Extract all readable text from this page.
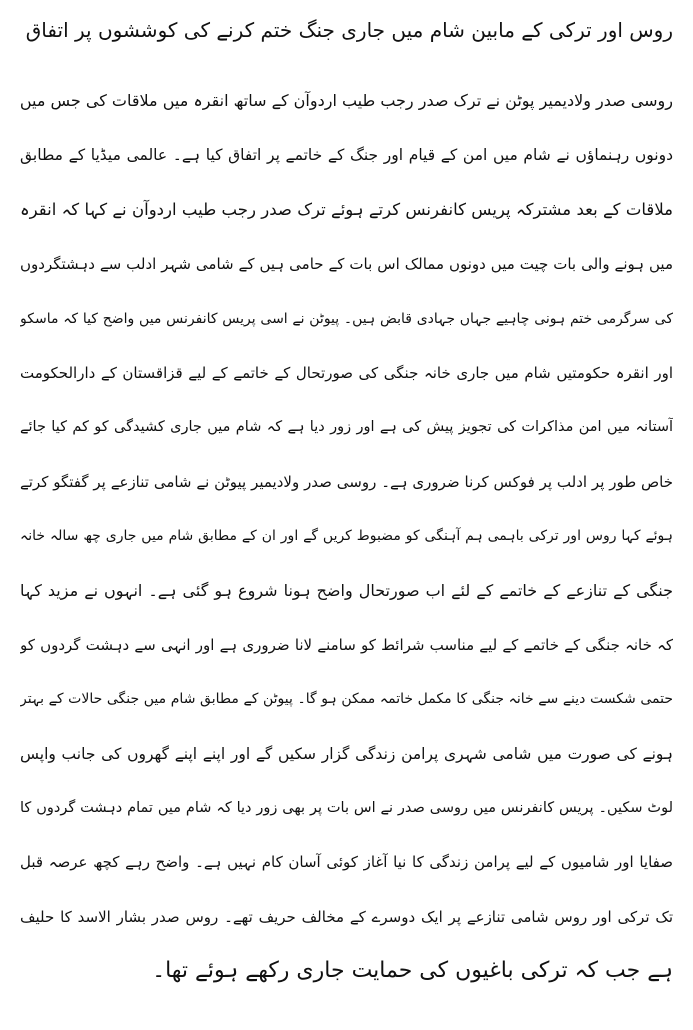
روس اور ترکی کے مابین شام میں جاری جنگ ختم کرنے کی کوششوں پر اتفاق
روسی صدر ولادیمیر پوٹن نے ترک صدر رجب طیب اردوآن کے ساتھ انقرہ میں ملاقات کی جس میں
دونوں رہنماؤں نے شام میں امن کے قیام اور جنگ کے خاتمے پر اتفاق کیا ہے۔ عالمی میڈیا کے مطابق
ملاقات کے بعد مشترکہ پریس کانفرنس کرتے ہوئے ترک صدر رجب طیب اردوآن نے کہا کہ انقرہ
میں ہونے والی بات چیت میں دونوں ممالک اس بات کے حامی ہیں کے شامی شہر ادلب سے دہشتگردوں
کی سرگرمی ختم ہونی چاہیے جہاں جہادی قابض ہیں۔ پیوٹن نے اسی پریس کانفرنس میں واضح کیا کہ ماسکو
اور انقرہ حکومتیں شام میں جاری خانہ جنگی کی صورتحال کے خاتمے کے لیے قزاقستان کے دارالحکومت
آستانہ میں امن مذاکرات کی تجویز پیش کی ہے اور زور دیا ہے کہ شام میں جاری کشیدگی کو کم کیا جائے
خاص طور پر ادلب پر فوکس کرنا ضروری ہے۔ روسی صدر ولادیمیر پیوٹن نے شامی تنازعے پر گفتگو کرتے
ہوئے کہا روس اور ترکی باہمی ہم آہنگی کو مضبوط کریں گے اور ان کے مطابق شام میں جاری چھ سالہ خانہ
جنگی کے تنازعے کے خاتمے کے لئے اب صورتحال واضح ہونا شروع ہو گئی ہے۔ انہوں نے مزید کہا
کہ خانہ جنگی کے خاتمے کے لیے مناسب شرائط کو سامنے لانا ضروری ہے اور انہی سے دہشت گردوں کو
حتمی شکست دینے سے خانہ جنگی کا مکمل خاتمہ ممکن ہو گا۔ پیوٹن کے مطابق شام میں جنگی حالات کے بہتر
ہونے کی صورت میں شامی شہری پرامن زندگی گزار سکیں گے اور اپنے اپنے گھروں کی جانب واپس
لوٹ سکیں۔ پریس کانفرنس میں روسی صدر نے اس بات پر بھی زور دیا کہ شام میں تمام دہشت گردوں کا
صفایا اور شامیوں کے لیے پرامن زندگی کا نیا آغاز کوئی آسان کام نہیں ہے۔ واضح رہے کچھ عرصہ قبل
تک ترکی اور روس شامی تنازعے پر ایک دوسرے کے مخالف حریف تھے۔ روس صدر بشار الاسد کا حلیف
ہے جب کہ ترکی باغیوں کی حمایت جاری رکھے ہوئے تھا۔
